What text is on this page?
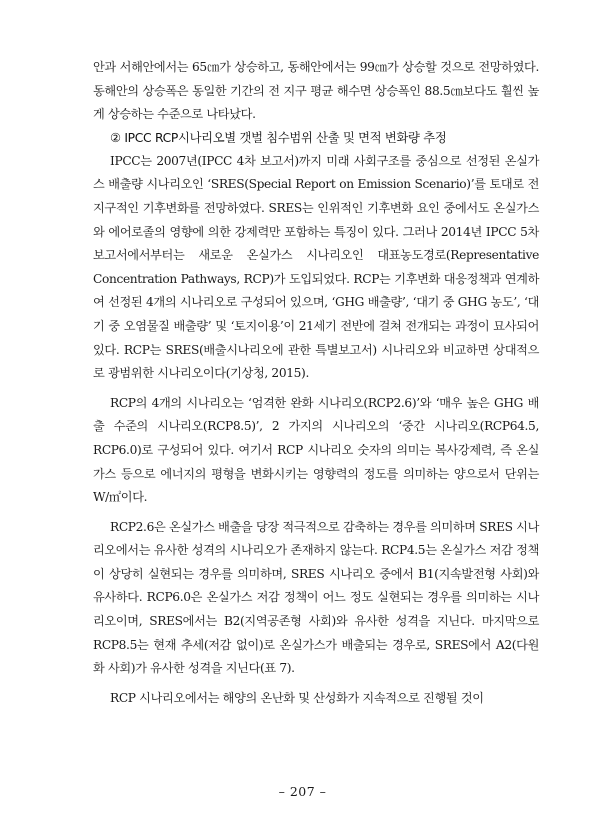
안과 서해안에서는 65㎝가 상승하고, 동해안에서는 99㎝가 상승할 것으로 전망하였다. 동해안의 상승폭은 동일한 기간의 전 지구 평균 해수면 상승폭인 88.5㎝보다도 훨씬 높게 상승하는 수준으로 나타났다.

② IPCC RCP시나리오별 갯벌 침수범위 산출 및 면적 변화량 추정

IPCC는 2007년(IPCC 4차 보고서)까지 미래 사회구조를 중심으로 선정된 온실가스 배출량 시나리오인 ‘SRES(Special Report on Emission Scenario)’를 토대로 전 지구적인 기후변화를 전망하였다. SRES는 인위적인 기후변화 요인 중에서도 온실가스와 에어로졸의 영향에 의한 강제력만 포함하는 특징이 있다. 그러나 2014년 IPCC 5차 보고서에서부터는 새로운 온실가스 시나리오인 대표농도경로(Representative Concentration Pathways, RCP)가 도입되었다. RCP는 기후변화 대응정책과 연계하여 선정된 4개의 시나리오로 구성되어 있으며, ‘GHG 배출량’, ‘대기 중 GHG 농도’, ‘대기 중 오염물질 배출량’ 및 ‘토지이용’이 21세기 전반에 걸쳐 전개되는 과정이 묘사되어 있다. RCP는 SRES(배출시나리오에 관한 특별보고서) 시나리오와 비교하면 상대적으로 광범위한 시나리오이다(기상청, 2015).

RCP의 4개의 시나리오는 ‘엄격한 완화 시나리오(RCP2.6)’와 ‘매우 높은 GHG 배출 수준의 시나리오(RCP8.5)’, 2 가지의 시나리오의 ‘중간 시나리오(RCP64.5, RCP6.0)로 구성되어 있다. 여기서 RCP 시나리오 숫자의 의미는 복사강제력, 즉 온실가스 등으로 에너지의 평형을 변화시키는 영향력의 정도를 의미하는 양으로서 단위는 W/㎡이다.

RCP2.6은 온실가스 배출을 당장 적극적으로 감축하는 경우를 의미하며 SRES 시나리오에서는 유사한 성격의 시나리오가 존재하지 않는다. RCP4.5는 온실가스 저감 정책이 상당히 실현되는 경우를 의미하며, SRES 시나리오 중에서 B1(지속발전형 사회)와 유사하다. RCP6.0은 온실가스 저감 정책이 어느 정도 실현되는 경우를 의미하는 시나리오이며, SRES에서는 B2(지역공존형 사회)와 유사한 성격을 지닌다. 마지막으로 RCP8.5는 현재 추세(저감 없이)로 온실가스가 배출되는 경우로, SRES에서 A2(다원화 사회)가 유사한 성격을 지닌다(표 7).

RCP 시나리오에서는 해양의 온난화 및 산성화가 지속적으로 진행될 것이

– 207 –
